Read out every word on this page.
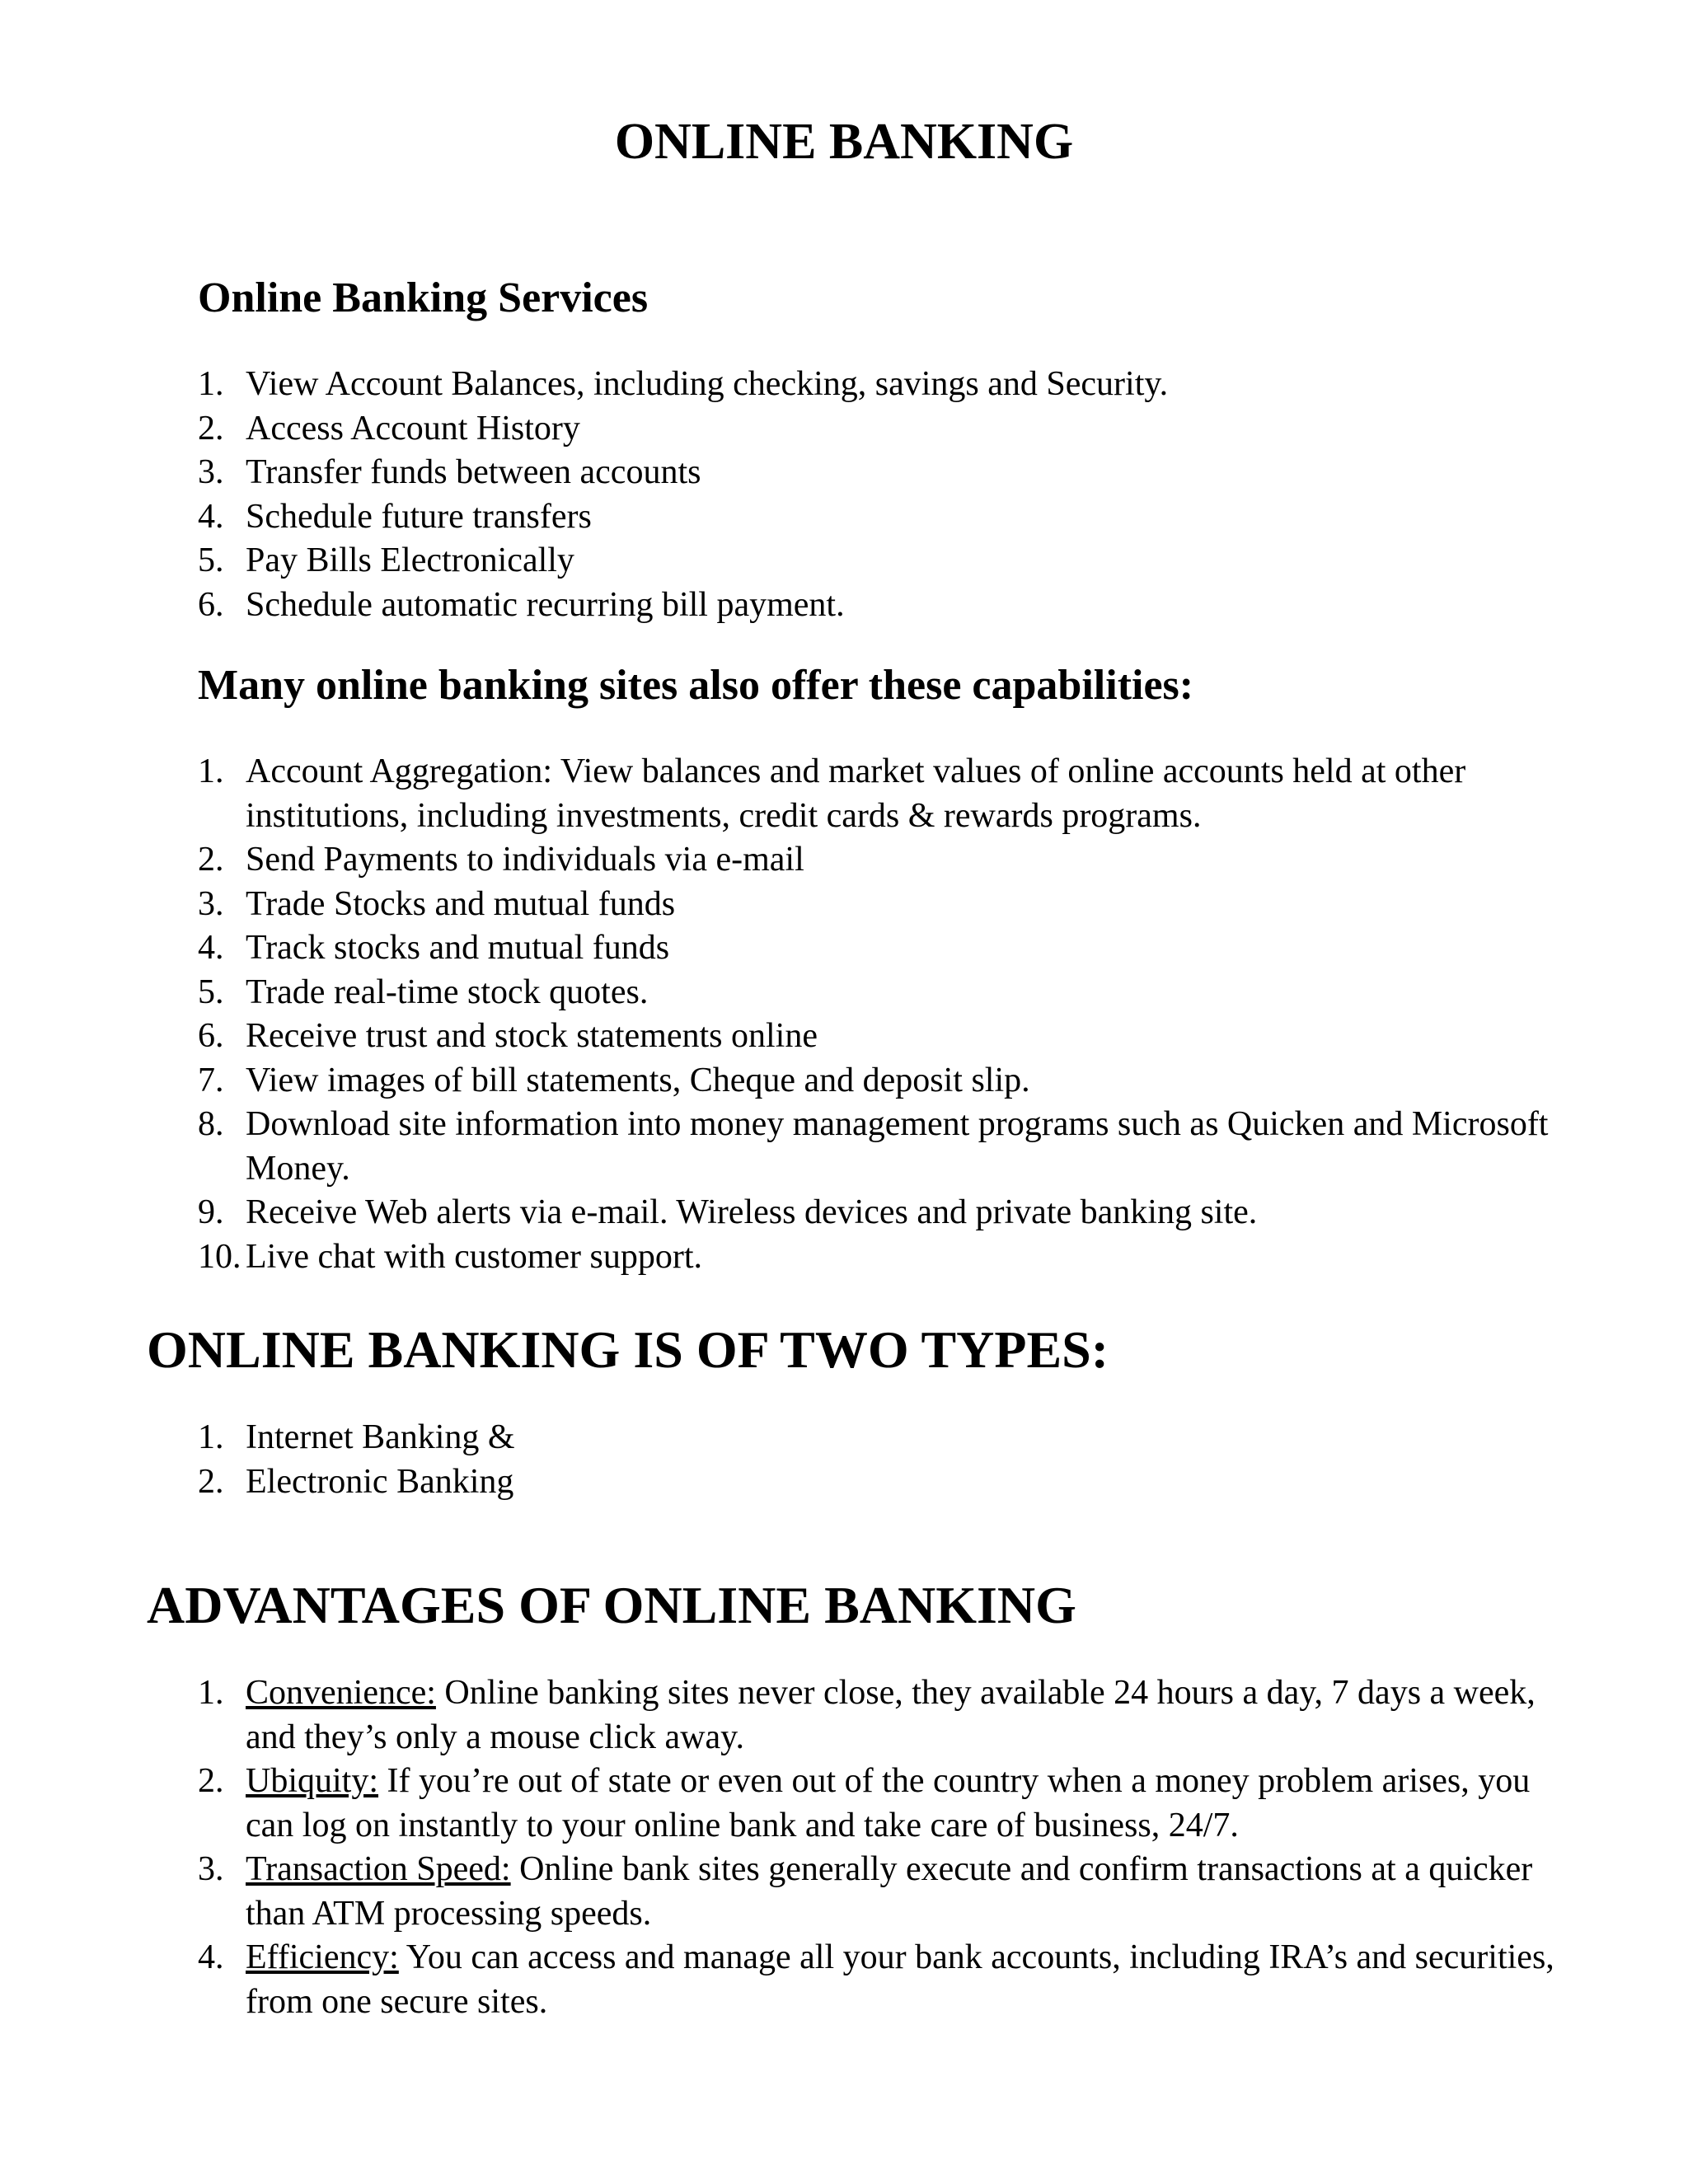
ONLINE BANKING
Online Banking Services
1. View Account Balances, including checking, savings and Security.
2. Access Account History
3. Transfer funds between accounts
4. Schedule future transfers
5. Pay Bills Electronically
6. Schedule automatic recurring bill payment.
Many online banking sites also offer these capabilities:
1. Account Aggregation: View balances and market values of online accounts held at other institutions, including investments, credit cards & rewards programs.
2. Send Payments to individuals via e-mail
3. Trade Stocks and mutual funds
4. Track stocks and mutual funds
5. Trade real-time stock quotes.
6. Receive trust and stock statements online
7. View images of bill statements, Cheque and deposit slip.
8. Download site information into money management programs such as Quicken and Microsoft Money.
9. Receive Web alerts via e-mail. Wireless devices and private banking site.
10. Live chat with customer support.
ONLINE BANKING IS OF TWO TYPES:
1. Internet Banking &
2. Electronic Banking
ADVANTAGES OF ONLINE BANKING
1. Convenience: Online banking sites never close, they available 24 hours a day, 7 days a week, and they’s only a mouse click away.
2. Ubiquity: If you’re out of state or even out of the country when a money problem arises, you can log on instantly to your online bank and take care of business, 24/7.
3. Transaction Speed: Online bank sites generally execute and confirm transactions at a quicker than ATM processing speeds.
4. Efficiency: You can access and manage all your bank accounts, including IRA’s and securities, from one secure sites.
